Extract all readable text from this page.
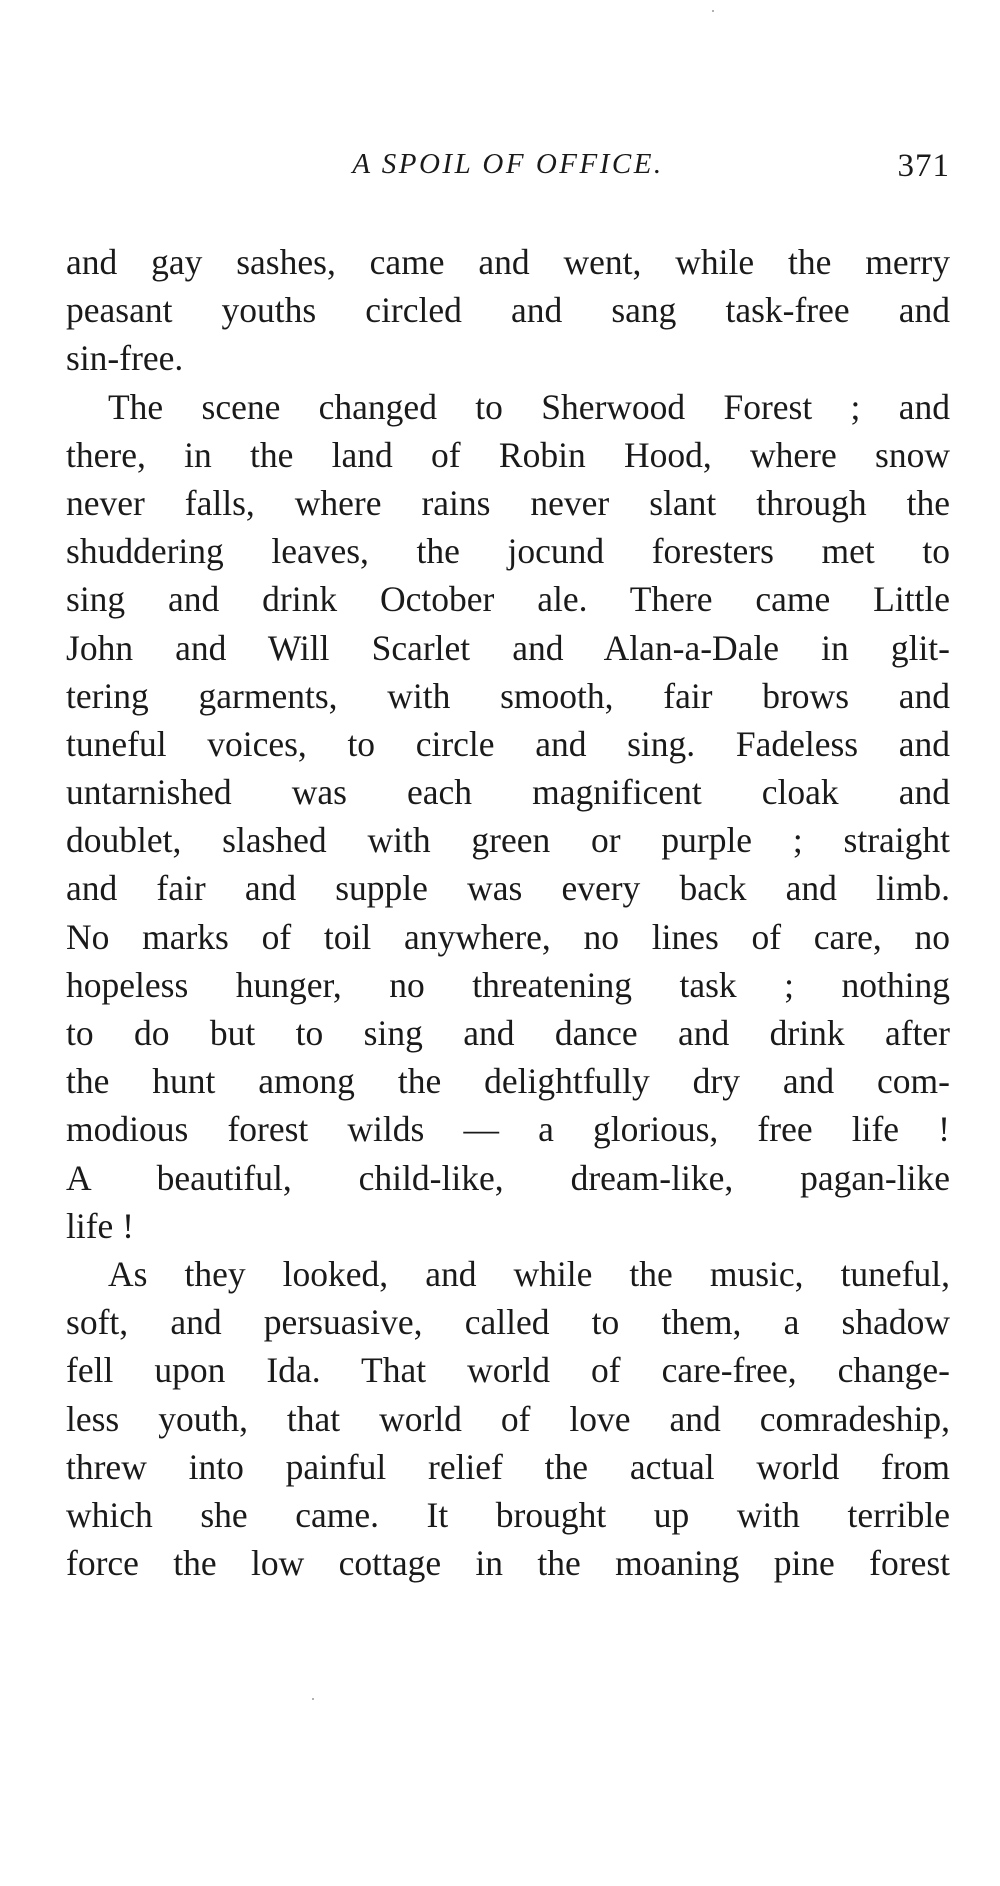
A SPOIL OF OFFICE.	371
and gay sashes, came and went, while the merry
peasant youths circled and sang task-free and
sin-free.
The scene changed to Sherwood Forest ; and
there, in the land of Robin Hood, where snow
never falls, where rains never slant through the
shuddering leaves, the jocund foresters met to
sing and drink October ale. There came Little
John and Will Scarlet and Alan-a-Dale in glit-
tering garments, with smooth, fair brows and
tuneful voices, to circle and sing. Fadeless and
untarnished was each magnificent cloak and
doublet, slashed with green or purple ; straight
and fair and supple was every back and limb.
No marks of toil anywhere, no lines of care, no
hopeless hunger, no threatening task ; nothing
to do but to sing and dance and drink after
the hunt among the delightfully dry and com-
modious forest wilds — a glorious, free life !
A beautiful, child-like, dream-like, pagan-like
life !
As they looked, and while the music, tuneful,
soft, and persuasive, called to them, a shadow
fell upon Ida. That world of care-free, change-
less youth, that world of love and comradeship,
threw into painful relief the actual world from
which she came. It brought up with terrible
force the low cottage in the moaning pine forest
